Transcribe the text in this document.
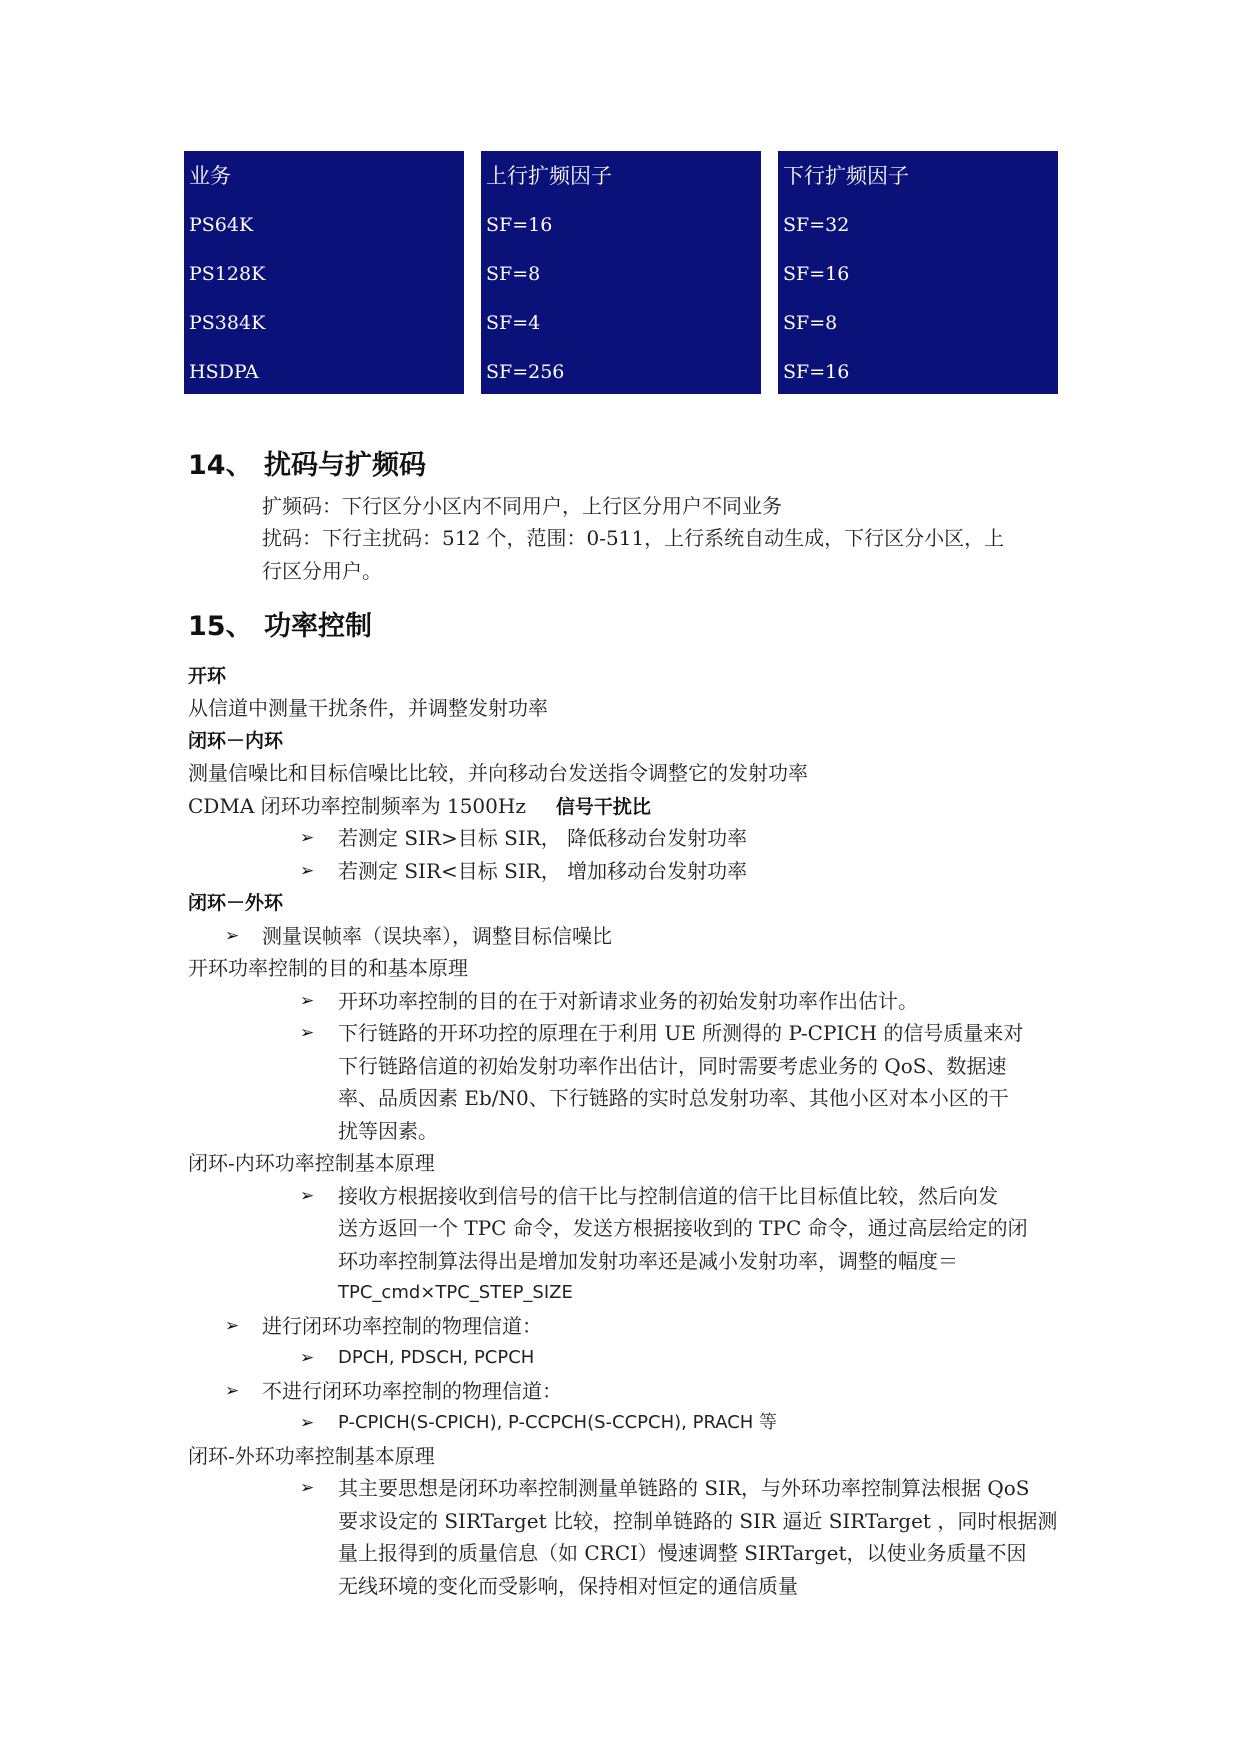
业务
PS64K
PS128K
PS384K
HSDPA
上行扩频因子
SF=16
SF=8
SF=4
SF=256
下行扩频因子
SF=32
SF=16
SF=8
SF=16
14、 扰码与扩频码
扩频码：下行区分小区内不同用户，上行区分用户不同业务
扰码：下行主扰码：512 个，范围：0-511，上行系统自动生成，下行区分小区，上
行区分用户。
15、 功率控制
开环
从信道中测量干扰条件，并调整发射功率
闭环－内环
测量信噪比和目标信噪比比较，并向移动台发送指令调整它的发射功率
CDMA 闭环功率控制频率为 1500Hz 信号干扰比
➢ 若测定 SIR>目标 SIR， 降低移动台发射功率
➢ 若测定 SIR<目标 SIR， 增加移动台发射功率
闭环－外环
➢ 测量误帧率（误块率），调整目标信噪比
开环功率控制的目的和基本原理
➢ 开环功率控制的目的在于对新请求业务的初始发射功率作出估计。
➢ 下行链路的开环功控的原理在于利用 UE 所测得的 P-CPICH 的信号质量来对
下行链路信道的初始发射功率作出估计，同时需要考虑业务的 QoS、数据速
率、品质因素 Eb/N0、下行链路的实时总发射功率、其他小区对本小区的干
扰等因素。
闭环-内环功率控制基本原理
➢ 接收方根据接收到信号的信干比与控制信道的信干比目标值比较，然后向发
送方返回一个 TPC 命令，发送方根据接收到的 TPC 命令，通过高层给定的闭
环功率控制算法得出是增加发射功率还是减小发射功率，调整的幅度＝
TPC_cmd×TPC_STEP_SIZE
➢ 进行闭环功率控制的物理信道：
➢ DPCH, PDSCH, PCPCH
➢ 不进行闭环功率控制的物理信道：
➢ P-CPICH(S-CPICH), P-CCPCH(S-CCPCH), PRACH 等
闭环-外环功率控制基本原理
➢ 其主要思想是闭环功率控制测量单链路的 SIR，与外环功率控制算法根据 QoS
要求设定的 SIRTarget 比较，控制单链路的 SIR 逼近 SIRTarget ，同时根据测
量上报得到的质量信息（如 CRCI）慢速调整 SIRTarget，以使业务质量不因
无线环境的变化而受影响，保持相对恒定的通信质量
